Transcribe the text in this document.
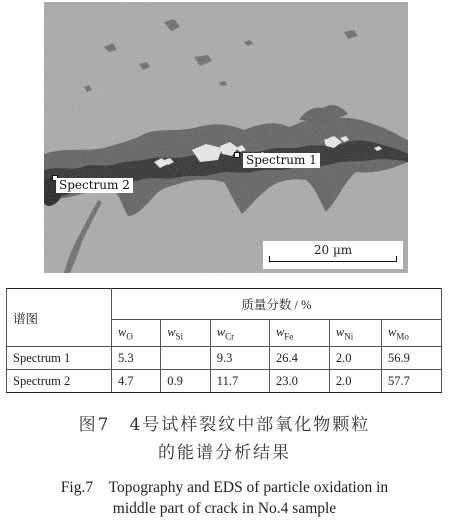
Spectrum 1
Spectrum 2
20 µm
谱图	质量分数 / %					
	$w_O$	$w_{Si}$	$w_{Cr}$	$w_{Fe}$	$w_{Ni}$	$w_{Mo}$
Spectrum 1	5.3		9.3	26.4	2.0	56.9
Spectrum 2	4.7	0.9	11.7	23.0	2.0	57.7
图7　4号试样裂纹中部氧化物颗粒
的能谱分析结果
Fig.7　Topography and EDS of particle oxidation in
middle part of crack in No.4 sample
